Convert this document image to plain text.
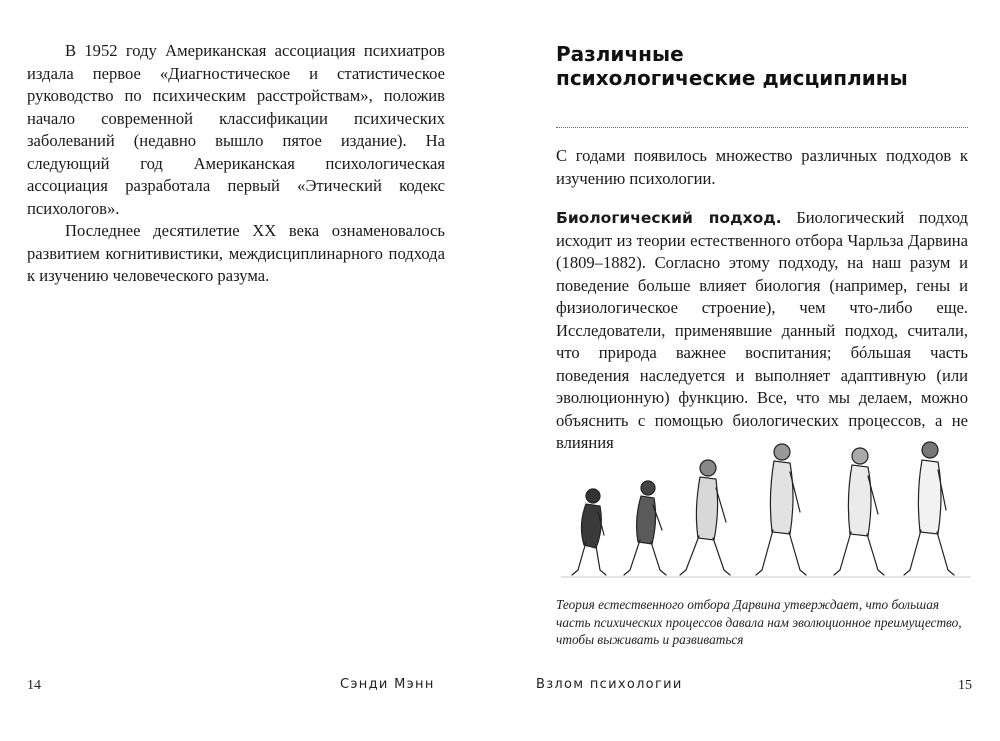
В 1952 году Американская ассоциация психиатров издала первое «Диагностическое и статистическое руководство по психическим расстройствам», положив начало современной классификации психических заболеваний (недавно вышло пятое издание). На следующий год Американская психологическая ассоциация разработала первый «Этический кодекс психологов».

Последнее десятилетие XX века ознаменовалось развитием когнитивистики, междисциплинарного подхода к изучению человеческого разума.

14	Сэнди Мэнн
Различные
психологические дисциплины

С годами появилось множество различных подходов к изучению психологии.

Биологический подход. Биологический подход исходит из теории естественного отбора Чарльза Дарвина (1809–1882). Согласно этому подходу, на наш разум и поведение больше влияет биология (например, гены и физиологическое строение), чем что-либо еще. Исследователи, применявшие данный подход, считали, что природа важнее воспитания; бóльшая часть поведения наследуется и выполняет адаптивную (или эволюционную) функцию. Все, что мы делаем, можно объяснить с помощью биологических процессов, а не влияния

Теория естественного отбора Дарвина утверждает, что большая часть психических процессов давала нам эволюционное преимущество, чтобы выживать и развиваться
Взлом психологии	15
